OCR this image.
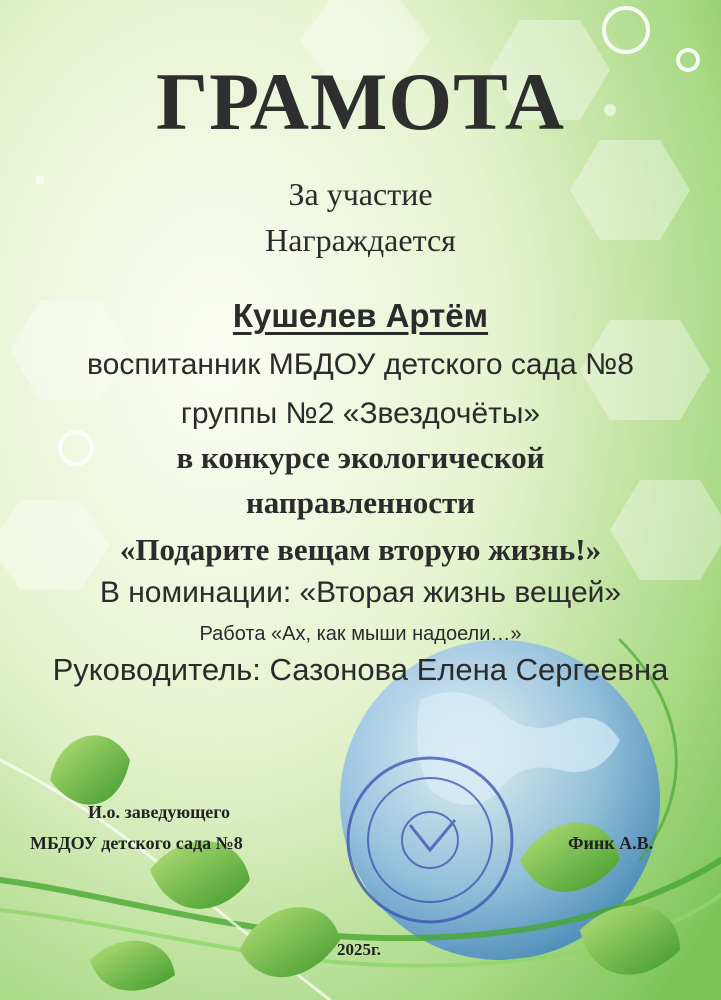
ГРАМОТА
За участие
Награждается
Кушелев Артём
воспитанник МБДОУ детского сада №8
группы №2 «Звездочёты»
в конкурсе экологической
направленности
«Подарите вещам вторую жизнь!»
В номинации: «Вторая жизнь вещей»
Работа «Ах, как мыши надоели…»
Руководитель: Сазонова Елена Сергеевна
И.о. заведующего
МБДОУ детского сада №8	Финк А.В.
2025г.
